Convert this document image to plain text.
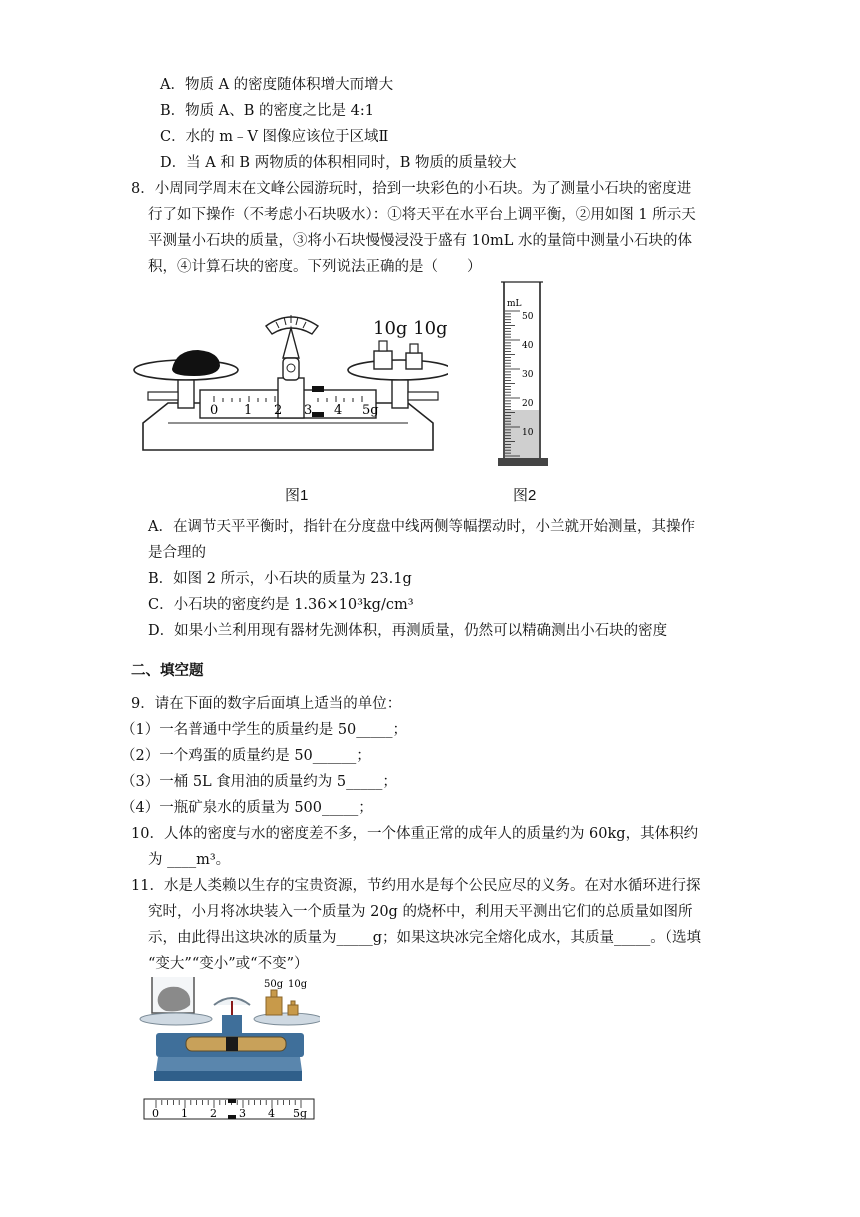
A．物质 A 的密度随体积增大而增大
B．物质 A、B 的密度之比是 4:1
C．水的 m﹣V 图像应该位于区域Ⅱ
D．当 A 和 B 两物质的体积相同时，B 物质的质量较大
8．小周同学周末在文峰公园游玩时，拾到一块彩色的小石块。为了测量小石块的密度进
行了如下操作（不考虑小石块吸水）：①将天平在水平台上调平衡，②用如图 1 所示天
平测量小石块的质量，③将小石块慢慢浸没于盛有 10mL 水的量筒中测量小石块的体
积，④计算石块的密度。下列说法正确的是（　　）
10g 10g
0 1 2 3 4 5g
mL
50
40
30
20
10
图1	图2
A．在调节天平平衡时，指针在分度盘中线两侧等幅摆动时，小兰就开始测量，其操作
是合理的
B．如图 2 所示，小石块的质量为 23.1g
C．小石块的密度约是 1.36×10³kg/cm³
D．如果小兰利用现有器材先测体积，再测质量，仍然可以精确测出小石块的密度
二、填空题
9．请在下面的数字后面填上适当的单位：
（1）一名普通中学生的质量约是 50_____；
（2）一个鸡蛋的质量约是 50______；
（3）一桶 5L 食用油的质量约为 5_____；
（4）一瓶矿泉水的质量为 500_____；
10．人体的密度与水的密度差不多，一个体重正常的成年人的质量约为 60kg，其体积约
为 ____m³。
11．水是人类赖以生存的宝贵资源，节约用水是每个公民应尽的义务。在对水循环进行探
究时，小月将冰块装入一个质量为 20g 的烧杯中，利用天平测出它们的总质量如图所
示，由此得出这块冰的质量为_____g；如果这块冰完全熔化成水，其质量_____。（选填
“变大”“变小”或“不变”）
50g 10g
0 1 2 3 4 5g
